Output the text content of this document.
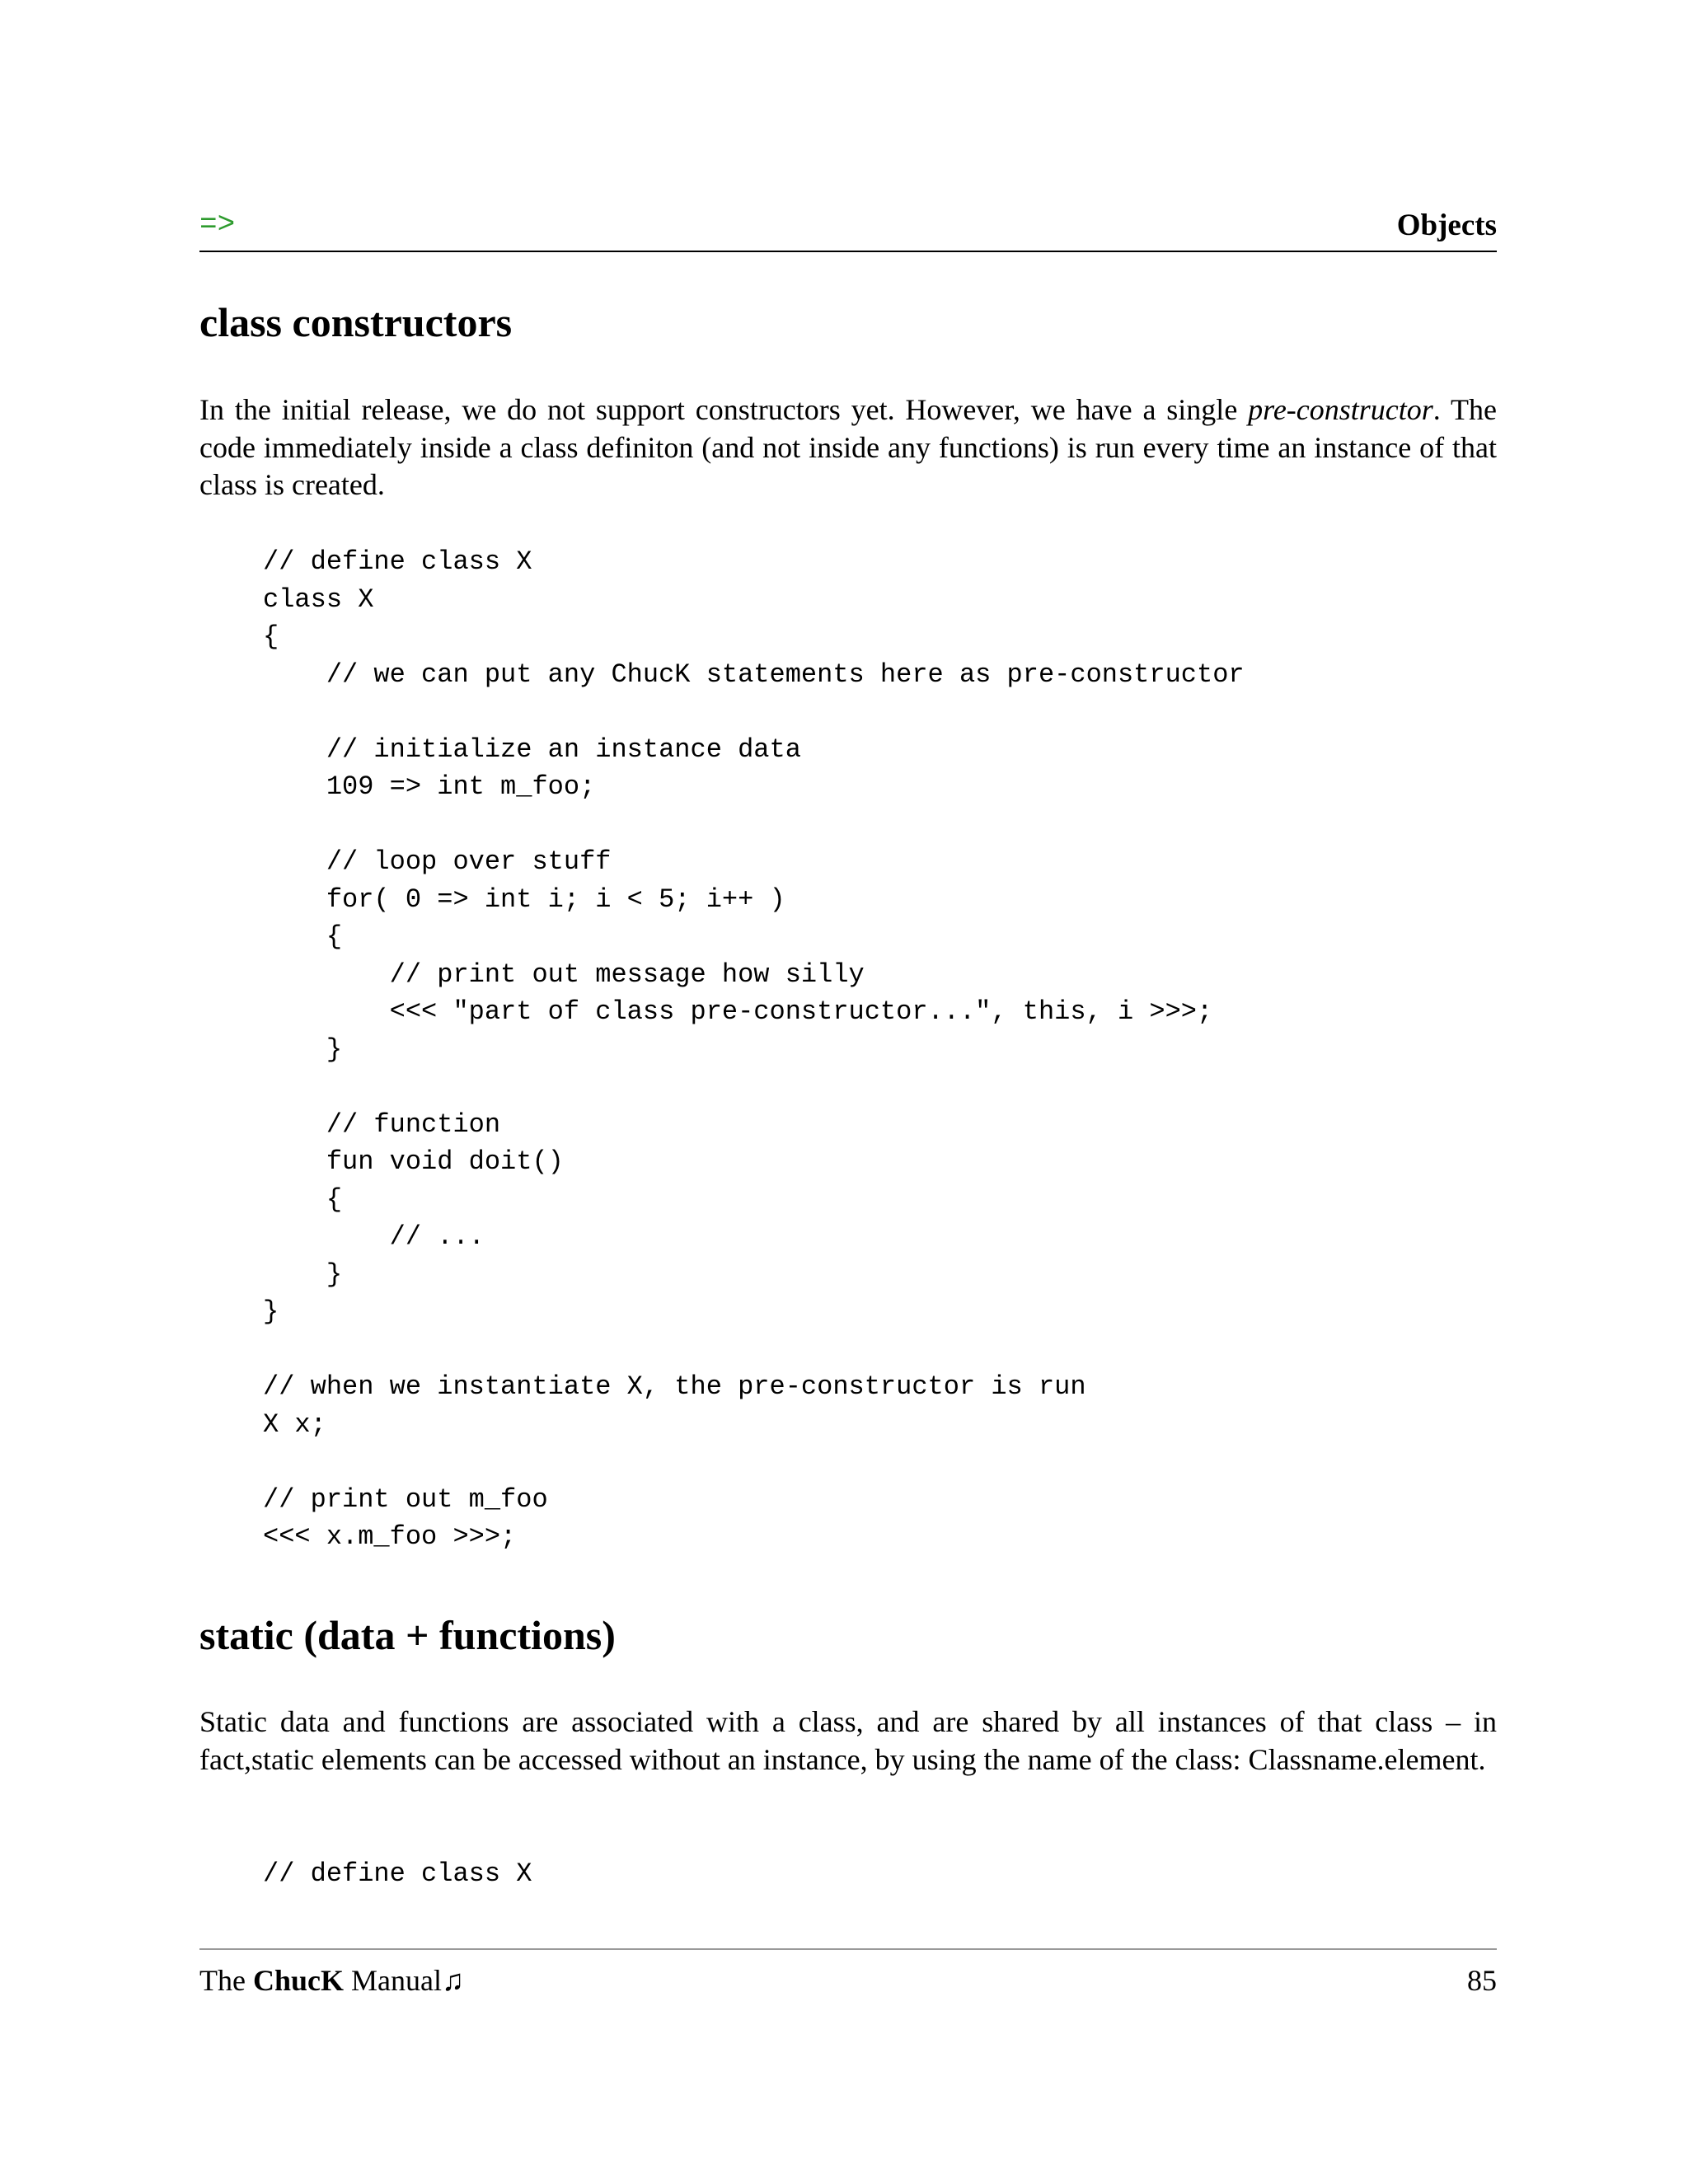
=>	Objects
class constructors

In the initial release, we do not support constructors yet. However, we have a single pre-constructor. The code immediately inside a class definiton (and not inside any functions) is run every time an instance of that class is created.

// define class X
class X
{
// we can put any ChucK statements here as pre-constructor
// initialize an instance data
109 => int m_foo;
// loop over stuff
for( 0 => int i; i < 5; i++ )
{
// print out message how silly
<<< "part of class pre-constructor...", this, i >>>;
}
// function
fun void doit()
{
// ...
}
}
// when we instantiate X, the pre-constructor is run
X x;
// print out m_foo
<<< x.m_foo >>>;
static (data + functions)

Static data and functions are associated with a class, and are shared by all instances of that class – in fact,static elements can be accessed without an instance, by using the name of the class: Classname.element.

// define class X
The ChucK Manual♫	85
